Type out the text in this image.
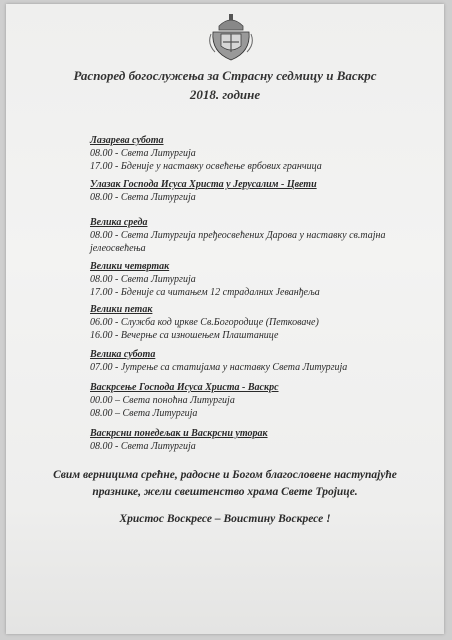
Распоред богослужења за Страсну седмицу и Васкрс
2018. године
Лазарева субота
08.00 - Света Литургија
17.00 - Бденије у наставку освећење врбових гранчица
Улазак Господа Исуса Христа у Јерусалим - Цвети
08.00 - Света Литургија
Велика среда
08.00 - Света Литургија пређеосвећених Дарова у наставку св.тајна
јелеосвећења
Велики четвртак
08.00 - Света Литургија
17.00 - Бденије са читањем 12 страдалних Јеванђеља
Велики петак
06.00 - Служба код цркве Св.Богородице (Петковаче)
16.00 - Вечерње са изношењем Плаштанице
Велика субота
07.00 - Јутрење са статијама у наставку Света Литургија
Васкрсење Господа Исуса Христа - Васкрс
00.00 – Света поноћна Литургија
08.00 – Света Литургија
Васкрсни понедељак и Васкрсни уторак
08.00 - Света Литургија
Свим верницима срећне, радосне и Богом благословене наступајуће
празнике, жели свештенство храма Свете Тројице.
Христос Воскресе – Воистину Воскресе !
